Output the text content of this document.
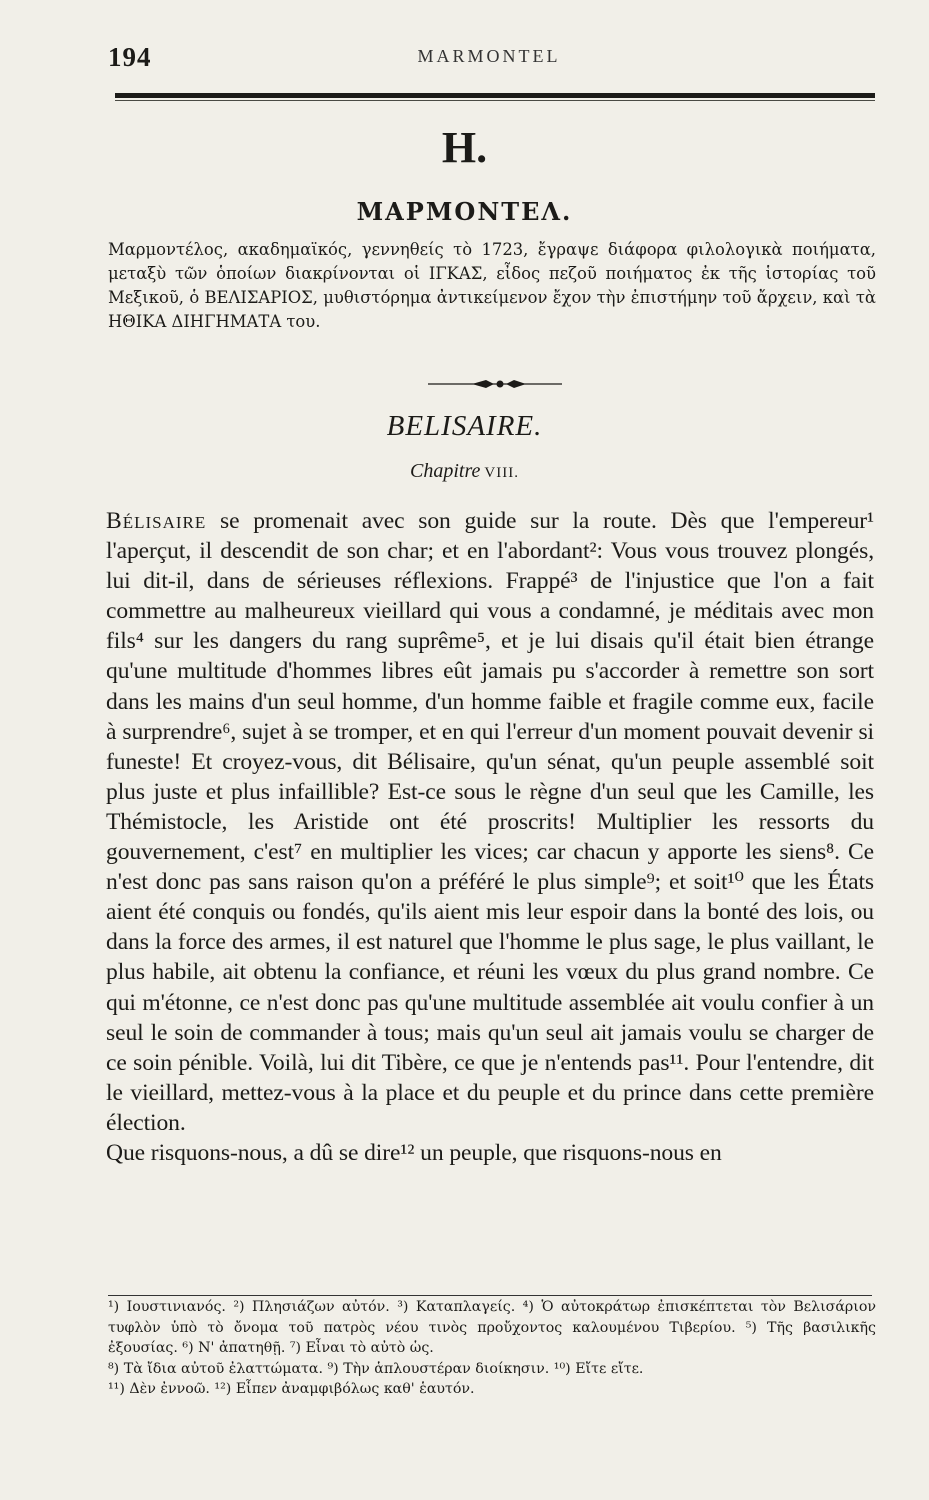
194	MARMONTEL
H.
ΜΑΡΜΟΝΤΕΛ.

Μαρμοντέλος, ακαδημαϊκός, γεννηθείς τὸ 1723, ἔγραψε διάφορα φιλολογικὰ ποιήματα, μεταξὺ τῶν ὁποίων διακρίνονται οἱ ΙΓΚΑΣ, εἶδος πεζοῦ ποιήματος ἐκ τῆς ἱστορίας τοῦ Μεξικοῦ, ὁ ΒΕΛΙΣΑΡΙΟΣ, μυθιστόρημα ἀντικείμενον ἔχον τὴν ἐπιστήμην τοῦ ἄρχειν, καὶ τὰ ΗΘΙΚΑ ΔΙΗΓΗΜΑΤΑ του.

BELISAIRE.
Chapitre VIII.

Bélisaire se promenait avec son guide sur la route. Dès que l'empereur¹ l'aperçut, il descendit de son char; et en l'abordant²: Vous vous trouvez plongés, lui dit-il, dans de sérieuses réflexions. Frappé³ de l'injustice que l'on a fait commettre au malheureux vieillard qui vous a condamné, je méditais avec mon fils⁴ sur les dangers du rang suprême⁵, et je lui disais qu'il était bien étrange qu'une multitude d'hommes libres eût jamais pu s'accorder à remettre son sort dans les mains d'un seul homme, d'un homme faible et fragile comme eux, facile à surprendre⁶, sujet à se tromper, et en qui l'erreur d'un moment pouvait devenir si funeste! Et croyez-vous, dit Bélisaire, qu'un sénat, qu'un peuple assemblé soit plus juste et plus infaillible? Est-ce sous le règne d'un seul que les Camille, les Thémistocle, les Aristide ont été proscrits! Multiplier les ressorts du gouvernement, c'est⁷ en multiplier les vices; car chacun y apporte les siens⁸. Ce n'est donc pas sans raison qu'on a préféré le plus simple⁹; et soit¹⁰ que les États aient été conquis ou fondés, qu'ils aient mis leur espoir dans la bonté des lois, ou dans la force des armes, il est naturel que l'homme le plus sage, le plus vaillant, le plus habile, ait obtenu la confiance, et réuni les vœux du plus grand nombre. Ce qui m'étonne, ce n'est donc pas qu'une multitude assemblée ait voulu confier à un seul le soin de commander à tous; mais qu'un seul ait jamais voulu se charger de ce soin pénible. Voilà, lui dit Tibère, ce que je n'entends pas¹¹. Pour l'entendre, dit le vieillard, mettez-vous à la place et du peuple et du prince dans cette première élection.

Que risquons-nous, a dû se dire¹² un peuple, que risquons-nous en

¹) Ιουστινιανός. ²) Πλησιάζων αὐτόν. ³) Καταπλαγείς. ⁴) Ὁ αὐτοκράτωρ ἐπισκέπτεται τὸν Βελισάριον τυφλὸν ὑπὸ τὸ ὄνομα τοῦ πατρὸς νέου τινὸς προὔχοντος καλουμένου Τιβερίου. ⁵) Τῆς βασιλικῆς ἐξουσίας. ⁶) Ν' ἀπατηθῇ. ⁷) Εἶναι τὸ αὐτὸ ὡς.

⁸) Τὰ ἴδια αὐτοῦ ἐλαττώματα. ⁹) Τὴν ἁπλουστέραν διοίκησιν. ¹⁰) Εἴτε εἴτε.

¹¹) Δὲν ἐννοῶ. ¹²) Εἶπεν ἀναμφιβόλως καθ' ἑαυτόν.
